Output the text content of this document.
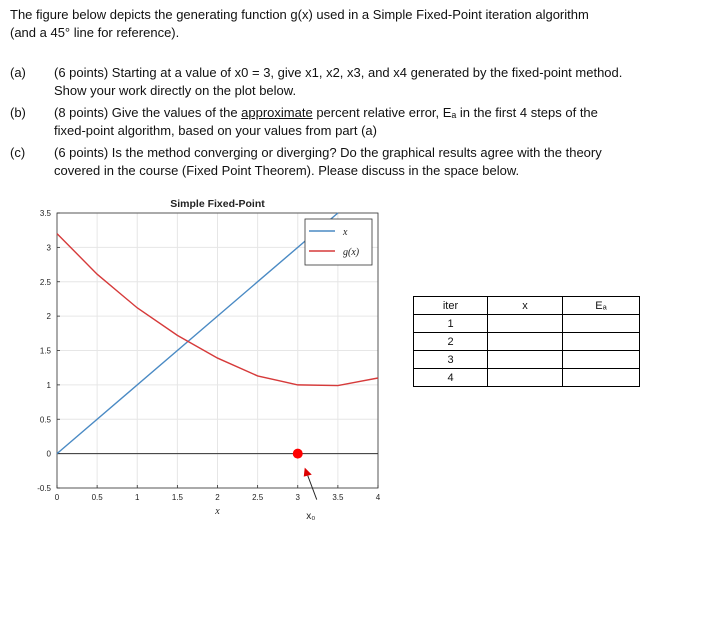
The figure below depicts the generating function g(x) used in a Simple Fixed-Point iteration algorithm
(and a 45° line for reference).
(a)	(6 points) Starting at a value of x0 = 3, give x1, x2, x3, and x4 generated by the fixed-point method.
Show your work directly on the plot below.
(b)	(8 points) Give the values of the approximate percent relative error, Eₐ in the first 4 steps of the
fixed-point algorithm, based on your values from part (a)
(c)	(6 points) Is the method converging or diverging? Do the graphical results agree with the theory
covered in the course (Fixed Point Theorem). Please discuss in the space below.
0	0.5	1	1.5	2	2.5	3	3.5	4
3.5
3
2.5
2
1.5
1
0.5
0
-0.5
Simple Fixed-Point
x
x
g(x)
x₀
iter	x	Eₐ
1		
2		
3		
4		
